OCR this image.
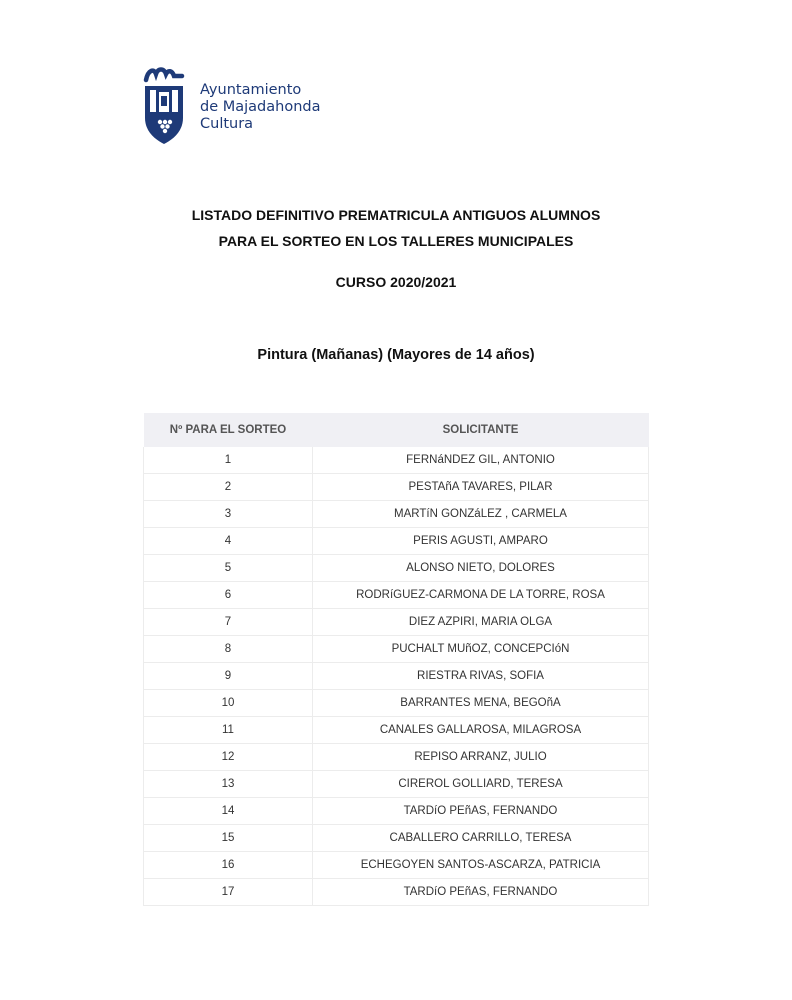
Ayuntamiento
de Majadahonda
Cultura
LISTADO DEFINITIVO PREMATRICULA ANTIGUOS ALUMNOS
PARA EL SORTEO EN LOS TALLERES MUNICIPALES
CURSO 2020/2021
Pintura (Mañanas) (Mayores de 14 años)
Nº PARA EL SORTEO	SOLICITANTE
1	FERNáNDEZ GIL, ANTONIO
2	PESTAñA TAVARES, PILAR
3	MARTíN GONZáLEZ , CARMELA
4	PERIS AGUSTI, AMPARO
5	ALONSO NIETO, DOLORES
6	RODRíGUEZ-CARMONA DE LA TORRE, ROSA
7	DIEZ AZPIRI, MARIA OLGA
8	PUCHALT MUñOZ, CONCEPCIóN
9	RIESTRA RIVAS, SOFIA
10	BARRANTES MENA, BEGOñA
11	CANALES GALLAROSA, MILAGROSA
12	REPISO ARRANZ, JULIO
13	CIREROL GOLLIARD, TERESA
14	TARDíO PEñAS, FERNANDO
15	CABALLERO CARRILLO, TERESA
16	ECHEGOYEN SANTOS-ASCARZA, PATRICIA
17	TARDíO PEñAS, FERNANDO
